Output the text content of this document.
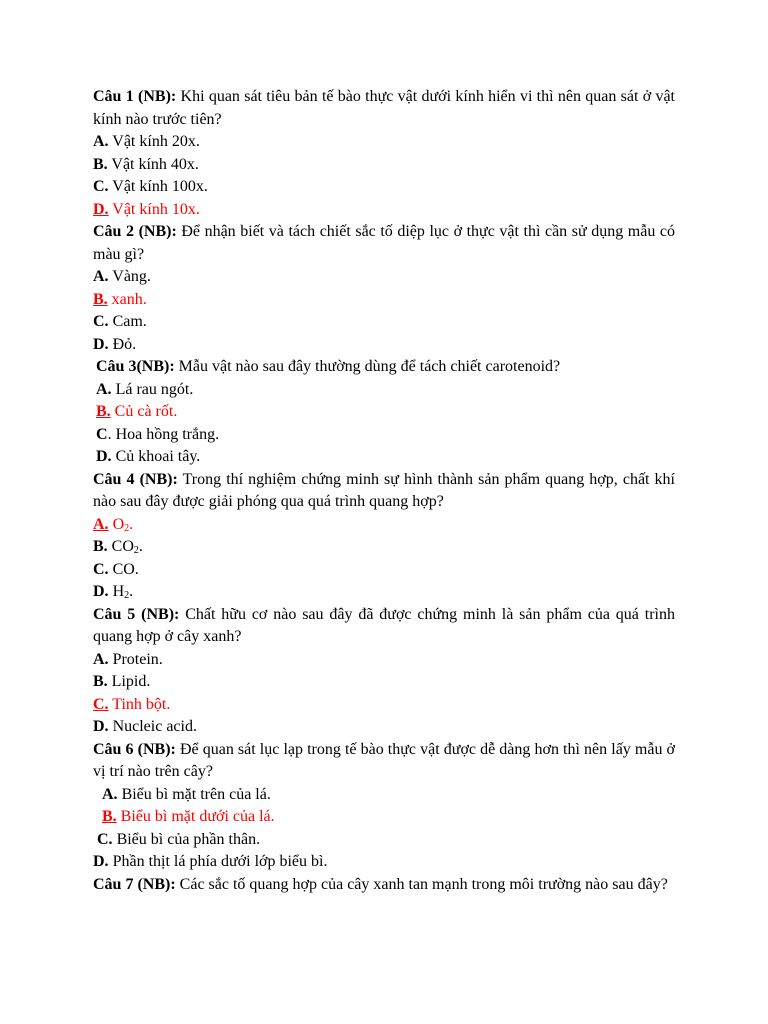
Câu 1 (NB): Khi quan sát tiêu bản tế bào thực vật dưới kính hiển vi thì nên quan sát ở vật kính nào trước tiên?
A. Vật kính 20x.
B. Vật kính 40x.
C. Vật kính 100x.
D. Vật kính 10x.
Câu 2 (NB): Để nhận biết và tách chiết sắc tố diệp lục ở thực vật thì cần sử dụng mẫu có màu gì?
A. Vàng.
B. xanh.
C. Cam.
D. Đỏ.
Câu 3(NB): Mẫu vật nào sau đây thường dùng để tách chiết carotenoid?
A. Lá rau ngót.
B. Củ cà rốt.
C. Hoa hồng trắng.
D. Củ khoai tây.
Câu 4 (NB): Trong thí nghiệm chứng minh sự hình thành sản phẩm quang hợp, chất khí nào sau đây được giải phóng qua quá trình quang hợp?
A. $O_2$.
B. $CO_2$.
C. CO.
D. $H_2$.
Câu 5 (NB): Chất hữu cơ nào sau đây đã được chứng minh là sản phẩm của quá trình quang hợp ở cây xanh?
A. Protein.
B. Lipid.
C. Tinh bột.
D. Nucleic acid.
Câu 6 (NB): Để quan sát lục lạp trong tế bào thực vật được dễ dàng hơn thì nên lấy mẫu ở vị trí nào trên cây?
A. Biểu bì mặt trên của lá.
B. Biểu bì mặt dưới của lá.
C. Biểu bì của phần thân.
D. Phần thịt lá phía dưới lớp biểu bì.
Câu 7 (NB): Các sắc tố quang hợp của cây xanh tan mạnh trong môi trường nào sau đây?
